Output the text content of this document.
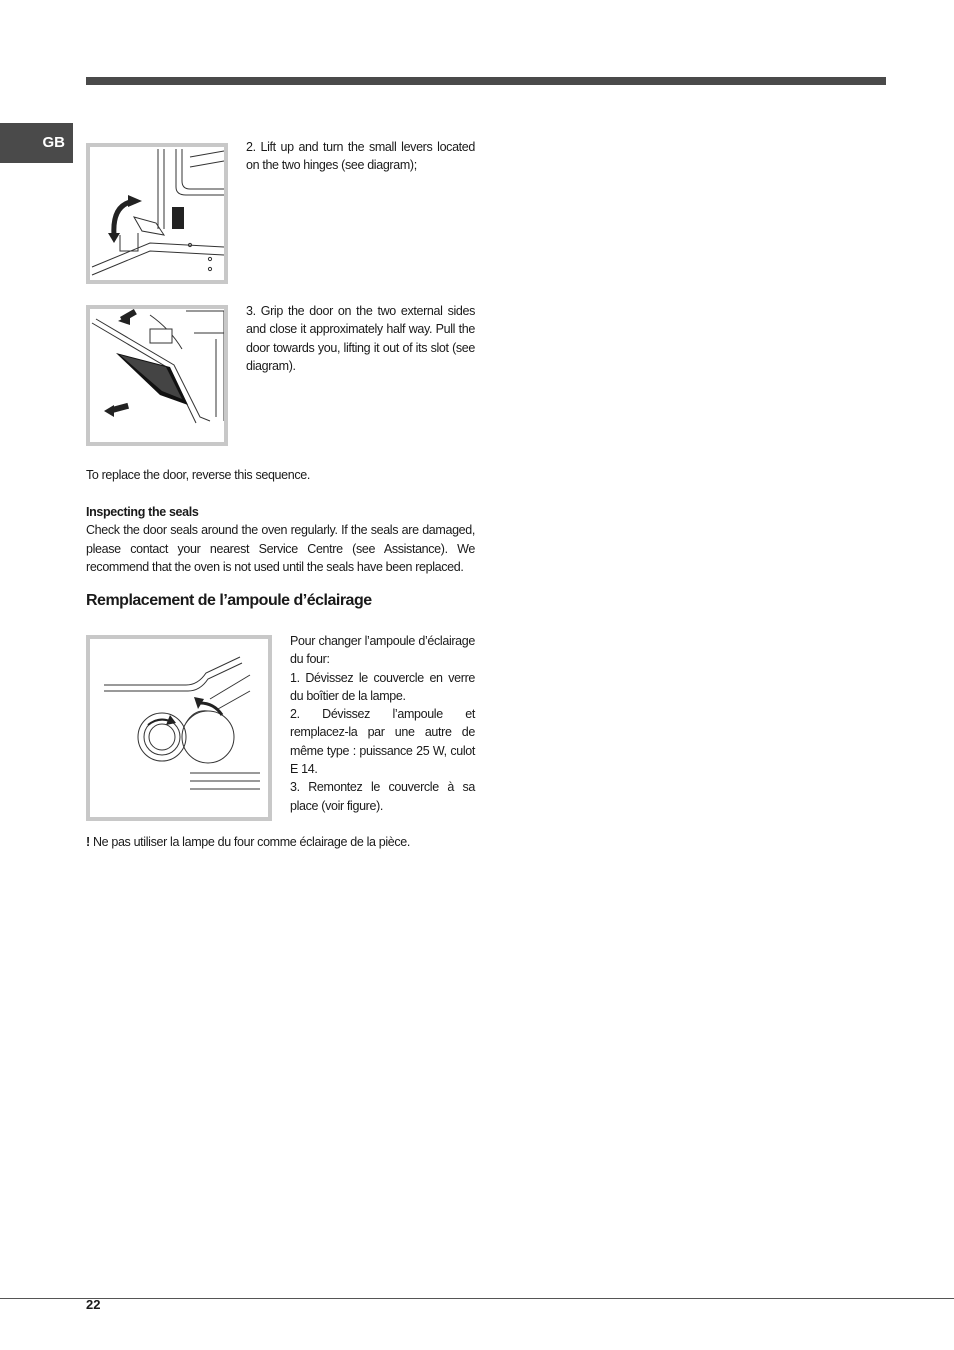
GB	2. Lift up and turn the small levers located on the two hinges (see diagram);
3. Grip the door on the two external sides and close it approximately half way. Pull the door towards you, lifting it out of its slot (see diagram).
To replace the door, reverse this sequence.

Inspecting the seals

Check the door seals around the oven regularly. If the seals are damaged, please contact your nearest Service Centre (see Assistance). We recommend that the oven is not used until the seals have been replaced.

Remplacement de l’ampoule d’éclairage

Pour changer l’ampoule d’éclairage du four:

1. Dévissez le couvercle en verre du boîtier de la lampe.

2. Dévissez l’ampoule et remplacez-la par une autre de même type : puissance 25 W, culot E 14.

3. Remontez le couvercle à sa place (voir figure).

! Ne pas utiliser la lampe du four comme éclairage de la pièce.
22
